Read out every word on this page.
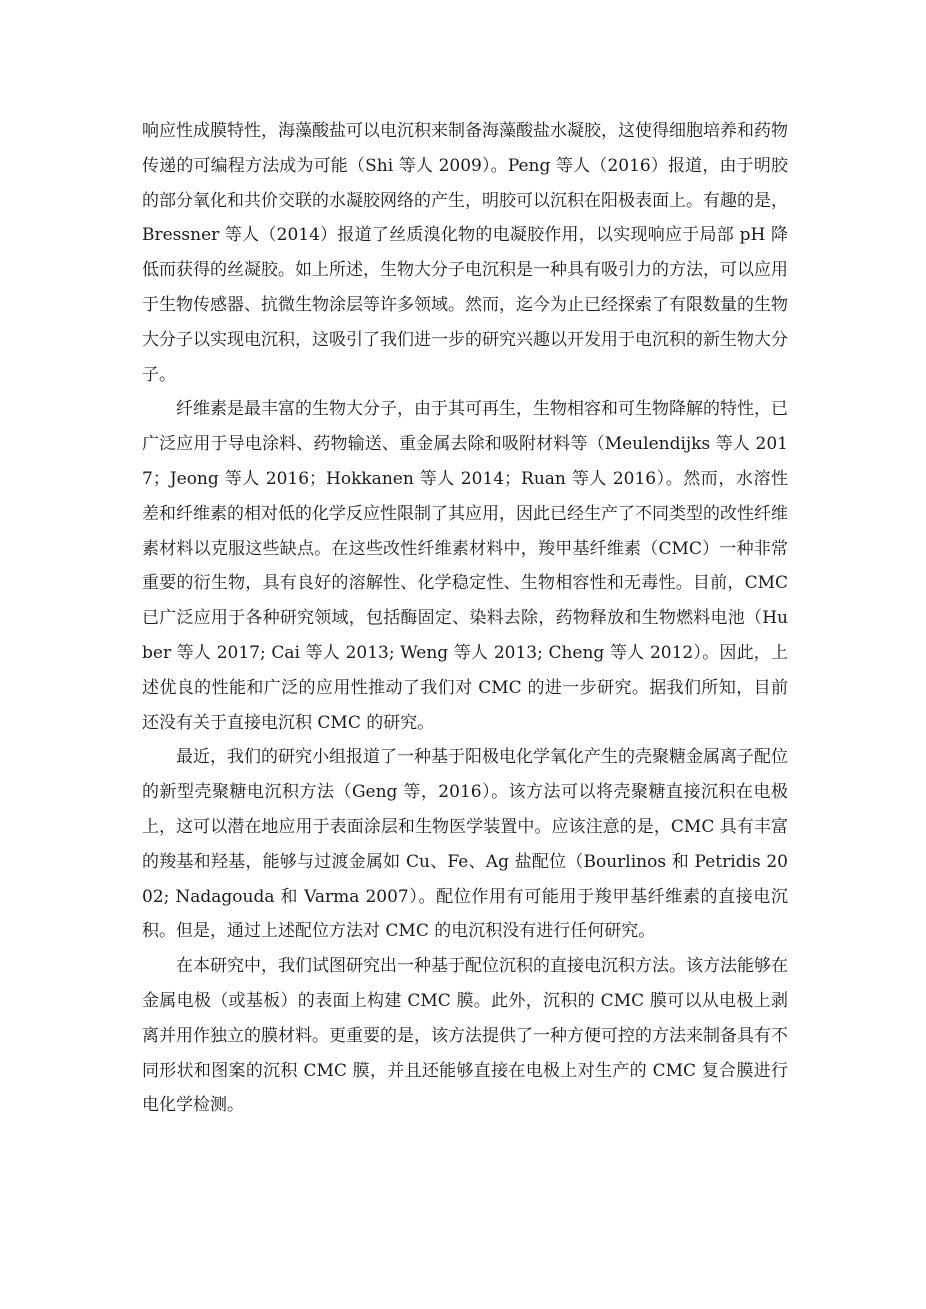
响应性成膜特性，海藻酸盐可以电沉积来制备海藻酸盐水凝胶，这使得细胞培养和药物传递的可编程方法成为可能（Shi 等人 2009）。Peng 等人（2016）报道，由于明胶的部分氧化和共价交联的水凝胶网络的产生，明胶可以沉积在阳极表面上。有趣的是，Bressner 等人（2014）报道了丝质溴化物的电凝胶作用，以实现响应于局部 pH 降低而获得的丝凝胶。如上所述，生物大分子电沉积是一种具有吸引力的方法，可以应用于生物传感器、抗微生物涂层等许多领域。然而，迄今为止已经探索了有限数量的生物大分子以实现电沉积，这吸引了我们进一步的研究兴趣以开发用于电沉积的新生物大分子。

纤维素是最丰富的生物大分子，由于其可再生，生物相容和可生物降解的特性，已广泛应用于导电涂料、药物输送、重金属去除和吸附材料等（Meulendijks 等人 2017；Jeong 等人 2016；Hokkanen 等人 2014；Ruan 等人 2016）。然而，水溶性差和纤维素的相对低的化学反应性限制了其应用，因此已经生产了不同类型的改性纤维素材料以克服这些缺点。在这些改性纤维素材料中，羧甲基纤维素（CMC）一种非常重要的衍生物，具有良好的溶解性、化学稳定性、生物相容性和无毒性。目前，CMC 已广泛应用于各种研究领域，包括酶固定、染料去除，药物释放和生物燃料电池（Huber 等人 2017; Cai 等人 2013; Weng 等人 2013; Cheng 等人 2012）。因此，上述优良的性能和广泛的应用性推动了我们对 CMC 的进一步研究。据我们所知，目前还没有关于直接电沉积 CMC 的研究。

最近，我们的研究小组报道了一种基于阳极电化学氧化产生的壳聚糖金属离子配位的新型壳聚糖电沉积方法（Geng 等，2016）。该方法可以将壳聚糖直接沉积在电极上，这可以潜在地应用于表面涂层和生物医学装置中。应该注意的是，CMC 具有丰富的羧基和羟基，能够与过渡金属如 Cu、Fe、Ag 盐配位（Bourlinos 和 Petridis 2002; Nadagouda 和 Varma 2007）。配位作用有可能用于羧甲基纤维素的直接电沉积。但是，通过上述配位方法对 CMC 的电沉积没有进行任何研究。

在本研究中，我们试图研究出一种基于配位沉积的直接电沉积方法。该方法能够在金属电极（或基板）的表面上构建 CMC 膜。此外，沉积的 CMC 膜可以从电极上剥离并用作独立的膜材料。更重要的是，该方法提供了一种方便可控的方法来制备具有不同形状和图案的沉积 CMC 膜，并且还能够直接在电极上对生产的 CMC 复合膜进行电化学检测。
